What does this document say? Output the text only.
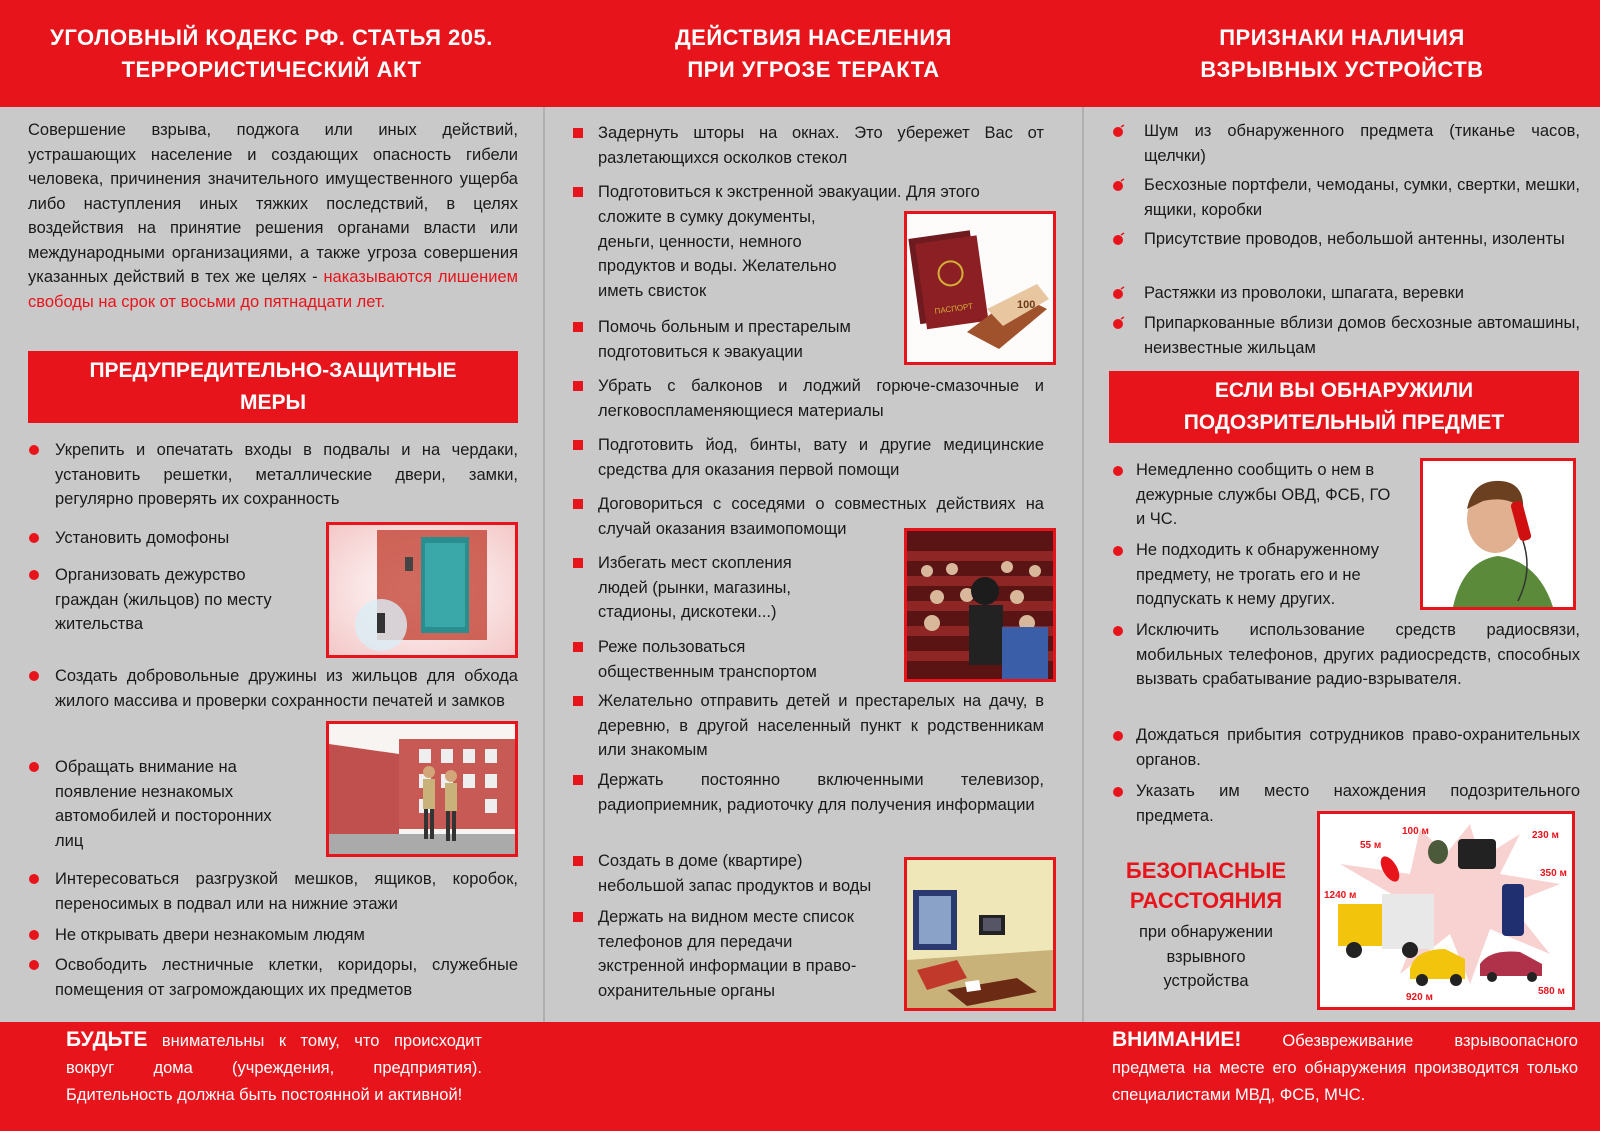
УГОЛОВНЫЙ КОДЕКС РФ. СТАТЬЯ 205.
ТЕРРОРИСТИЧЕСКИЙ АКТ
Совершение взрыва, поджога или иных действий, устрашающих население и создающих опасность гибели человека, причинения значительного имущественного ущерба либо наступления иных тяжких последствий, в целях воздействия на принятие решения органами власти или международными организациями, а также угроза совершения указанных действий в тех же целях - наказываются лишением свободы на срок от восьми до пятнадцати лет.
ПРЕДУПРЕДИТЕЛЬНО-ЗАЩИТНЫЕ
МЕРЫ
Укрепить и опечатать входы в подвалы и на чердаки, установить решетки, металлические двери, замки, регулярно проверять их сохранность
Установить домофоны
Организовать дежурство граждан (жильцов) по месту жительства
Создать добровольные дружины из жильцов для обхода жилого массива и проверки сохранности печатей и замков
Обращать внимание на появление незнакомых автомобилей и посторонних лиц
Интересоваться разгрузкой мешков, ящиков, коробок, переносимых в подвал или на нижние этажи
Не открывать двери незнакомым людям
Освободить лестничные клетки, коридоры, служебные помещения от загромождающих их предметов
БУДЬТЕ внимательны к тому, что происходит вокруг дома (учреждения, предприятия). Бдительность должна быть постоянной и активной!
ДЕЙСТВИЯ НАСЕЛЕНИЯ
ПРИ УГРОЗЕ ТЕРАКТА
Задернуть шторы на окнах. Это убережет Вас от разлетающихся осколков стекол
Подготовиться к экстренной эвакуации. Для этого
сложите в сумку документы, деньги, ценности, немного продуктов и воды. Желательно иметь свисток
Помочь больным и престарелым подготовиться к эвакуации
Убрать с балконов и лоджий горюче-смазочные и легковоспламеняющиеся материалы
Подготовить йод, бинты, вату и другие медицинские средства для оказания первой помощи
Договориться с соседями о совместных действиях на случай оказания взаимопомощи
Избегать мест скопления людей (рынки, магазины, стадионы, дискотеки...)
Реже пользоваться общественным транспортом
Желательно отправить детей и престарелых на дачу, в деревню, в другой населенный пункт к родственникам или знакомым
Держать постоянно включенными телевизор, радиоприемник, радиоточку для получения информации
Создать в доме (квартире) небольшой запас продуктов и воды
Держать на видном месте список телефонов для передачи экстренной информации в право-охранительные органы
ПАСПОРТ	100
ПРИЗНАКИ НАЛИЧИЯ
ВЗРЫВНЫХ УСТРОЙСТВ
Шум из обнаруженного предмета (тиканье часов, щелчки)
Бесхозные портфели, чемоданы, сумки, свертки, мешки, ящики, коробки
Присутствие проводов, небольшой антенны, изоленты
Растяжки из проволоки, шпагата, веревки
Припаркованные вблизи домов бесхозные автомашины, неизвестные жильцам
ЕСЛИ ВЫ ОБНАРУЖИЛИ
ПОДОЗРИТЕЛЬНЫЙ ПРЕДМЕТ
Немедленно сообщить о нем в дежурные службы ОВД, ФСБ, ГО и ЧС.
Не подходить к обнаруженному предмету, не трогать его и не подпускать к нему других.
Исключить использование средств радиосвязи, мобильных телефонов, других радиосредств, способных вызвать срабатывание радио-взрывателя.
Дождаться прибытия сотрудников право-охранительных органов.
Указать им место нахождения подозрительного предмета.
БЕЗОПАСНЫЕ
РАССТОЯНИЯ
при обнаружении взрывного устройства
55 м
100 м	230 м
350 м
1240 м
920 м
580 м
ВНИМАНИЕ! Обезвреживание взрывоопасного предмета на месте его обнаружения производится только специалистами МВД, ФСБ, МЧС.
